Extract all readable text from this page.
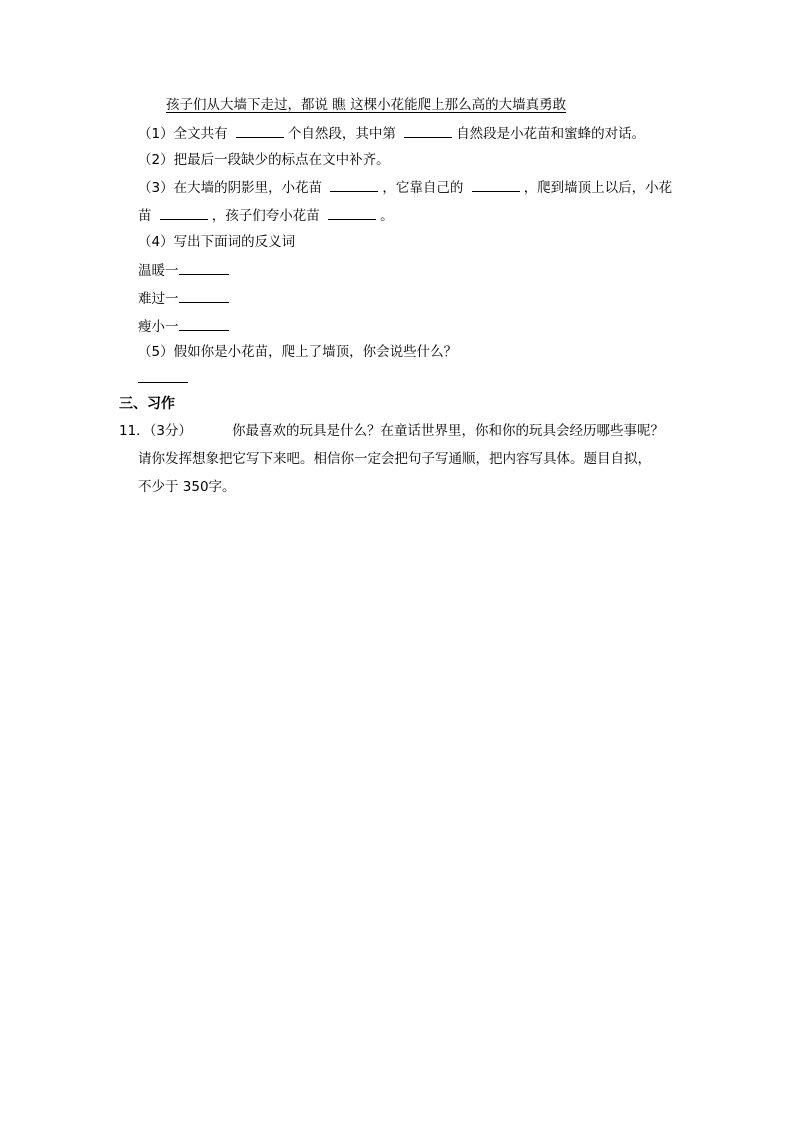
孩子们从大墙下走过，都说 瞧 这棵小花能爬上那么高的大墙真勇敢
（1）全文共有	个自然段，其中第	自然段是小花苗和蜜蜂的对话。
（2）把最后一段缺少的标点在文中补齐。
（3）在大墙的阴影里，小花苗	，它靠自己的	，爬到墙顶上以后，小花
苗	，孩子们夸小花苗	。
（4）写出下面词的反义词
温暖一
难过一
瘦小一
（5）假如你是小花苗，爬上了墙顶，你会说些什么？
三、习作
11．（3分）	你最喜欢的玩具是什么？在童话世界里，你和你的玩具会经历哪些事呢？
请你发挥想象把它写下来吧。相信你一定会把句子写通顺，把内容写具体。题目自拟，
不少于 350字。
